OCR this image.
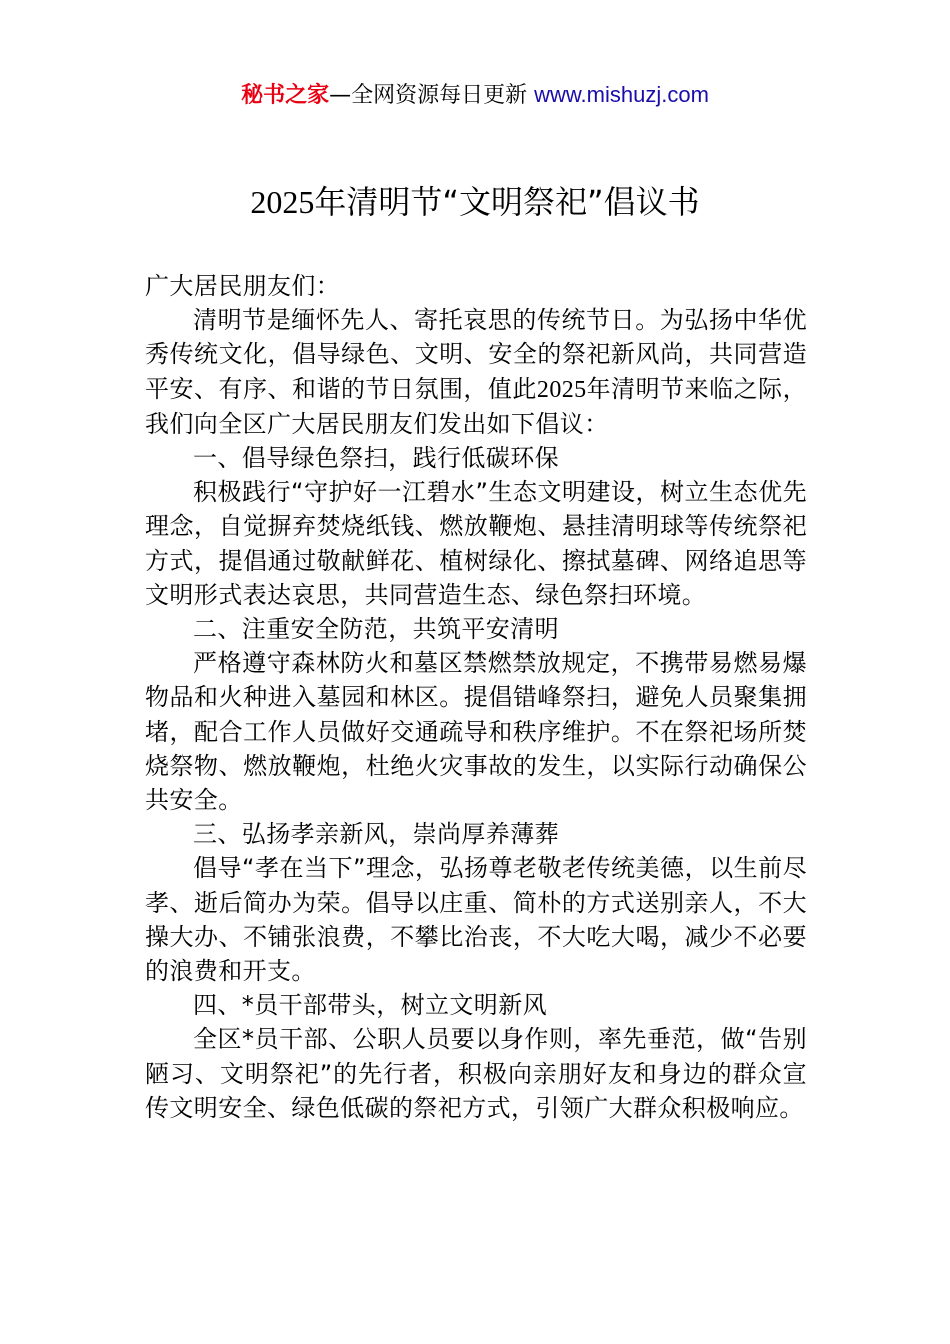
秘书之家—全网资源每日更新 www.mishuzj.com
2025年清明节“文明祭祀”倡议书

广大居民朋友们：

清明节是缅怀先人、寄托哀思的传统节日。为弘扬中华优秀传统文化，倡导绿色、文明、安全的祭祀新风尚，共同营造平安、有序、和谐的节日氛围，值此2025年清明节来临之际，我们向全区广大居民朋友们发出如下倡议：

一、倡导绿色祭扫，践行低碳环保

积极践行“守护好一江碧水”生态文明建设，树立生态优先理念，自觉摒弃焚烧纸钱、燃放鞭炮、悬挂清明球等传统祭祀方式，提倡通过敬献鲜花、植树绿化、擦拭墓碑、网络追思等文明形式表达哀思，共同营造生态、绿色祭扫环境。

二、注重安全防范，共筑平安清明

严格遵守森林防火和墓区禁燃禁放规定，不携带易燃易爆物品和火种进入墓园和林区。提倡错峰祭扫，避免人员聚集拥堵，配合工作人员做好交通疏导和秩序维护。不在祭祀场所焚烧祭物、燃放鞭炮，杜绝火灾事故的发生，以实际行动确保公共安全。

三、弘扬孝亲新风，崇尚厚养薄葬

倡导“孝在当下”理念，弘扬尊老敬老传统美德，以生前尽孝、逝后简办为荣。倡导以庄重、简朴的方式送别亲人，不大操大办、不铺张浪费，不攀比治丧，不大吃大喝，减少不必要的浪费和开支。

四、*员干部带头，树立文明新风

全区*员干部、公职人员要以身作则，率先垂范，做“告别陋习、文明祭祀”的先行者，积极向亲朋好友和身边的群众宣传文明安全、绿色低碳的祭祀方式，引领广大群众积极响应。
